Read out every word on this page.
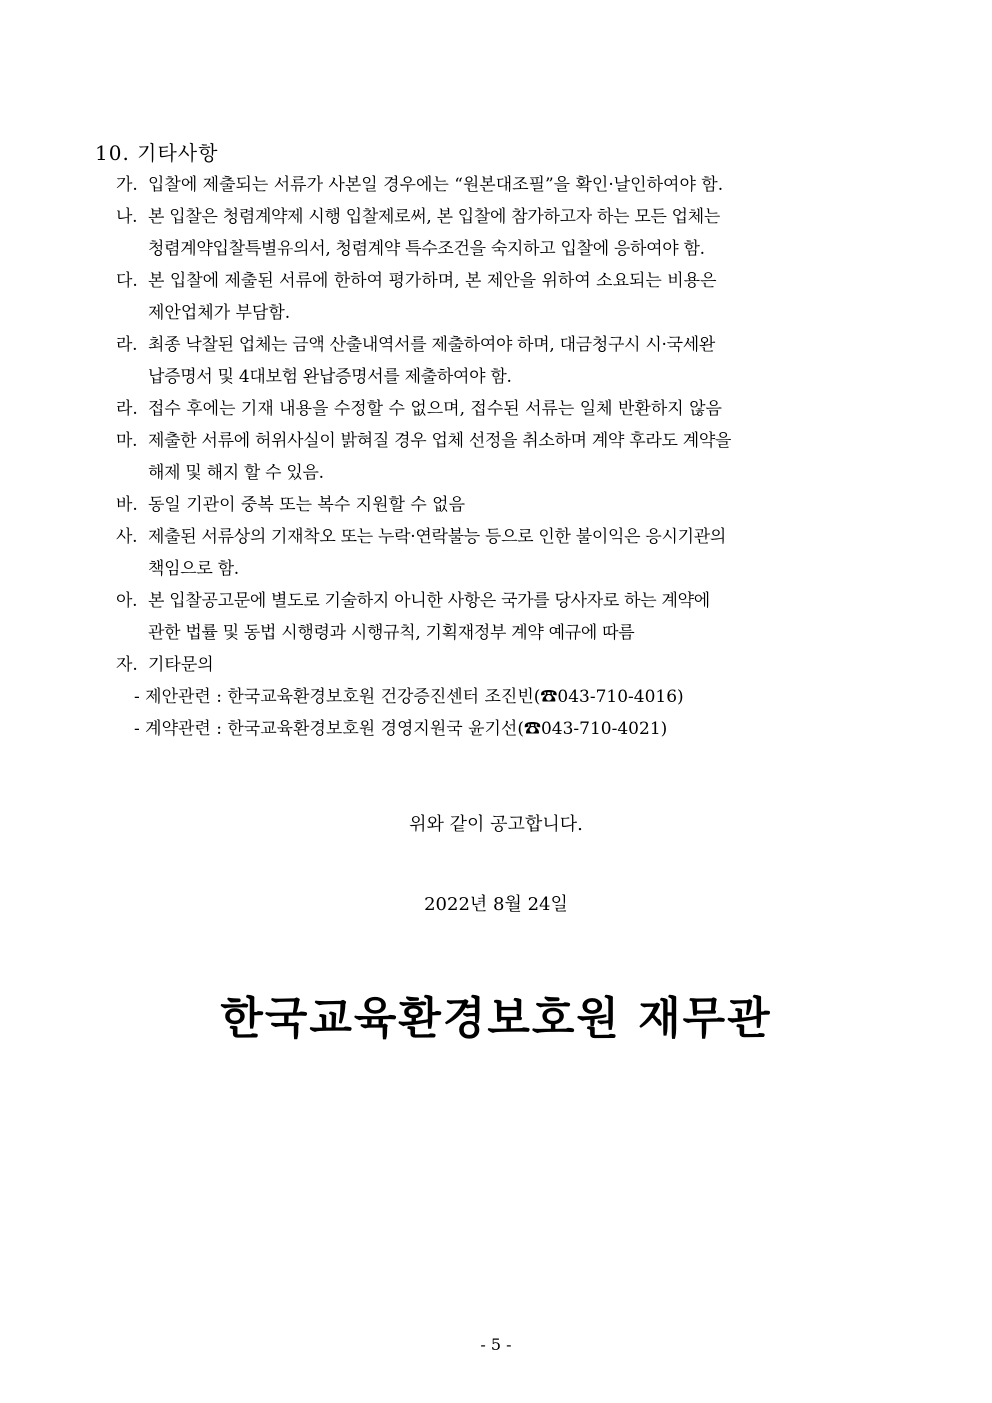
10. 기타사항
가. 입찰에 제출되는 서류가 사본일 경우에는 “원본대조필”을 확인·날인하여야 함.
나. 본 입찰은 청렴계약제 시행 입찰제로써, 본 입찰에 참가하고자 하는 모든 업체는
청렴계약입찰특별유의서, 청렴계약 특수조건을 숙지하고 입찰에 응하여야 함.
다. 본 입찰에 제출된 서류에 한하여 평가하며, 본 제안을 위하여 소요되는 비용은
제안업체가 부담함.
라. 최종 낙찰된 업체는 금액 산출내역서를 제출하여야 하며, 대금청구시 시·국세완
납증명서 및 4대보험 완납증명서를 제출하여야 함.
라. 접수 후에는 기재 내용을 수정할 수 없으며, 접수된 서류는 일체 반환하지 않음
마. 제출한 서류에 허위사실이 밝혀질 경우 업체 선정을 취소하며 계약 후라도 계약을
해제 및 해지 할 수 있음.
바. 동일 기관이 중복 또는 복수 지원할 수 없음
사. 제출된 서류상의 기재착오 또는 누락·연락불능 등으로 인한 불이익은 응시기관의
책임으로 함.
아. 본 입찰공고문에 별도로 기술하지 아니한 사항은 국가를 당사자로 하는 계약에
관한 법률 및 동법 시행령과 시행규칙, 기획재정부 계약 예규에 따름
자. 기타문의
- 제안관련 : 한국교육환경보호원 건강증진센터 조진빈(☎043-710-4016)
- 계약관련 : 한국교육환경보호원 경영지원국 윤기선(☎043-710-4021)
위와 같이 공고합니다.
2022년 8월 24일
한국교육환경보호원 재무관
- 5 -
